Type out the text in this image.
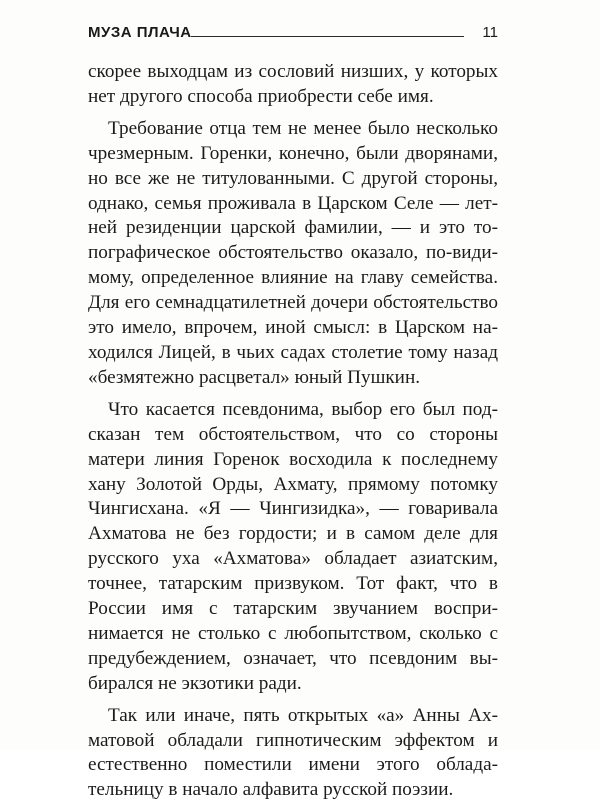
МУЗА ПЛАЧА	11

скорее выходцам из сословий низших, у которых нет другого способа приобрести себе имя.

Требование отца тем не менее было несколько чрезмерным. Горенки, конечно, были дворянами, но все же не титулованными. С другой стороны, однако, семья проживала в Царском Селе — летней резиденции царской фамилии, — и это топографическое обстоятельство оказало, по-видимому, определенное влияние на главу семейства. Для его семнадцатилетней дочери обстоятельство это имело, впрочем, иной смысл: в Царском находился Лицей, в чьих садах столетие тому назад «безмятежно расцветал» юный Пушкин.

Что касается псевдонима, выбор его был подсказан тем обстоятельством, что со стороны матери линия Горенок восходила к последнему хану Золотой Орды, Ахмату, прямому потомку Чингисхана. «Я — Чингизидка», — говаривала Ахматова не без гордости; и в самом деле для русского уха «Ахматова» обладает азиатским, точнее, татарским призвуком. Тот факт, что в России имя с татарским звучанием воспринимается не столько с любопытством, сколько с предубеждением, означает, что псевдоним выбирался не экзотики ради.

Так или иначе, пять открытых «а» Анны Ахматовой обладали гипнотическим эффектом и естественно поместили имени этого обладательницу в начало алфавита русской поэзии.
